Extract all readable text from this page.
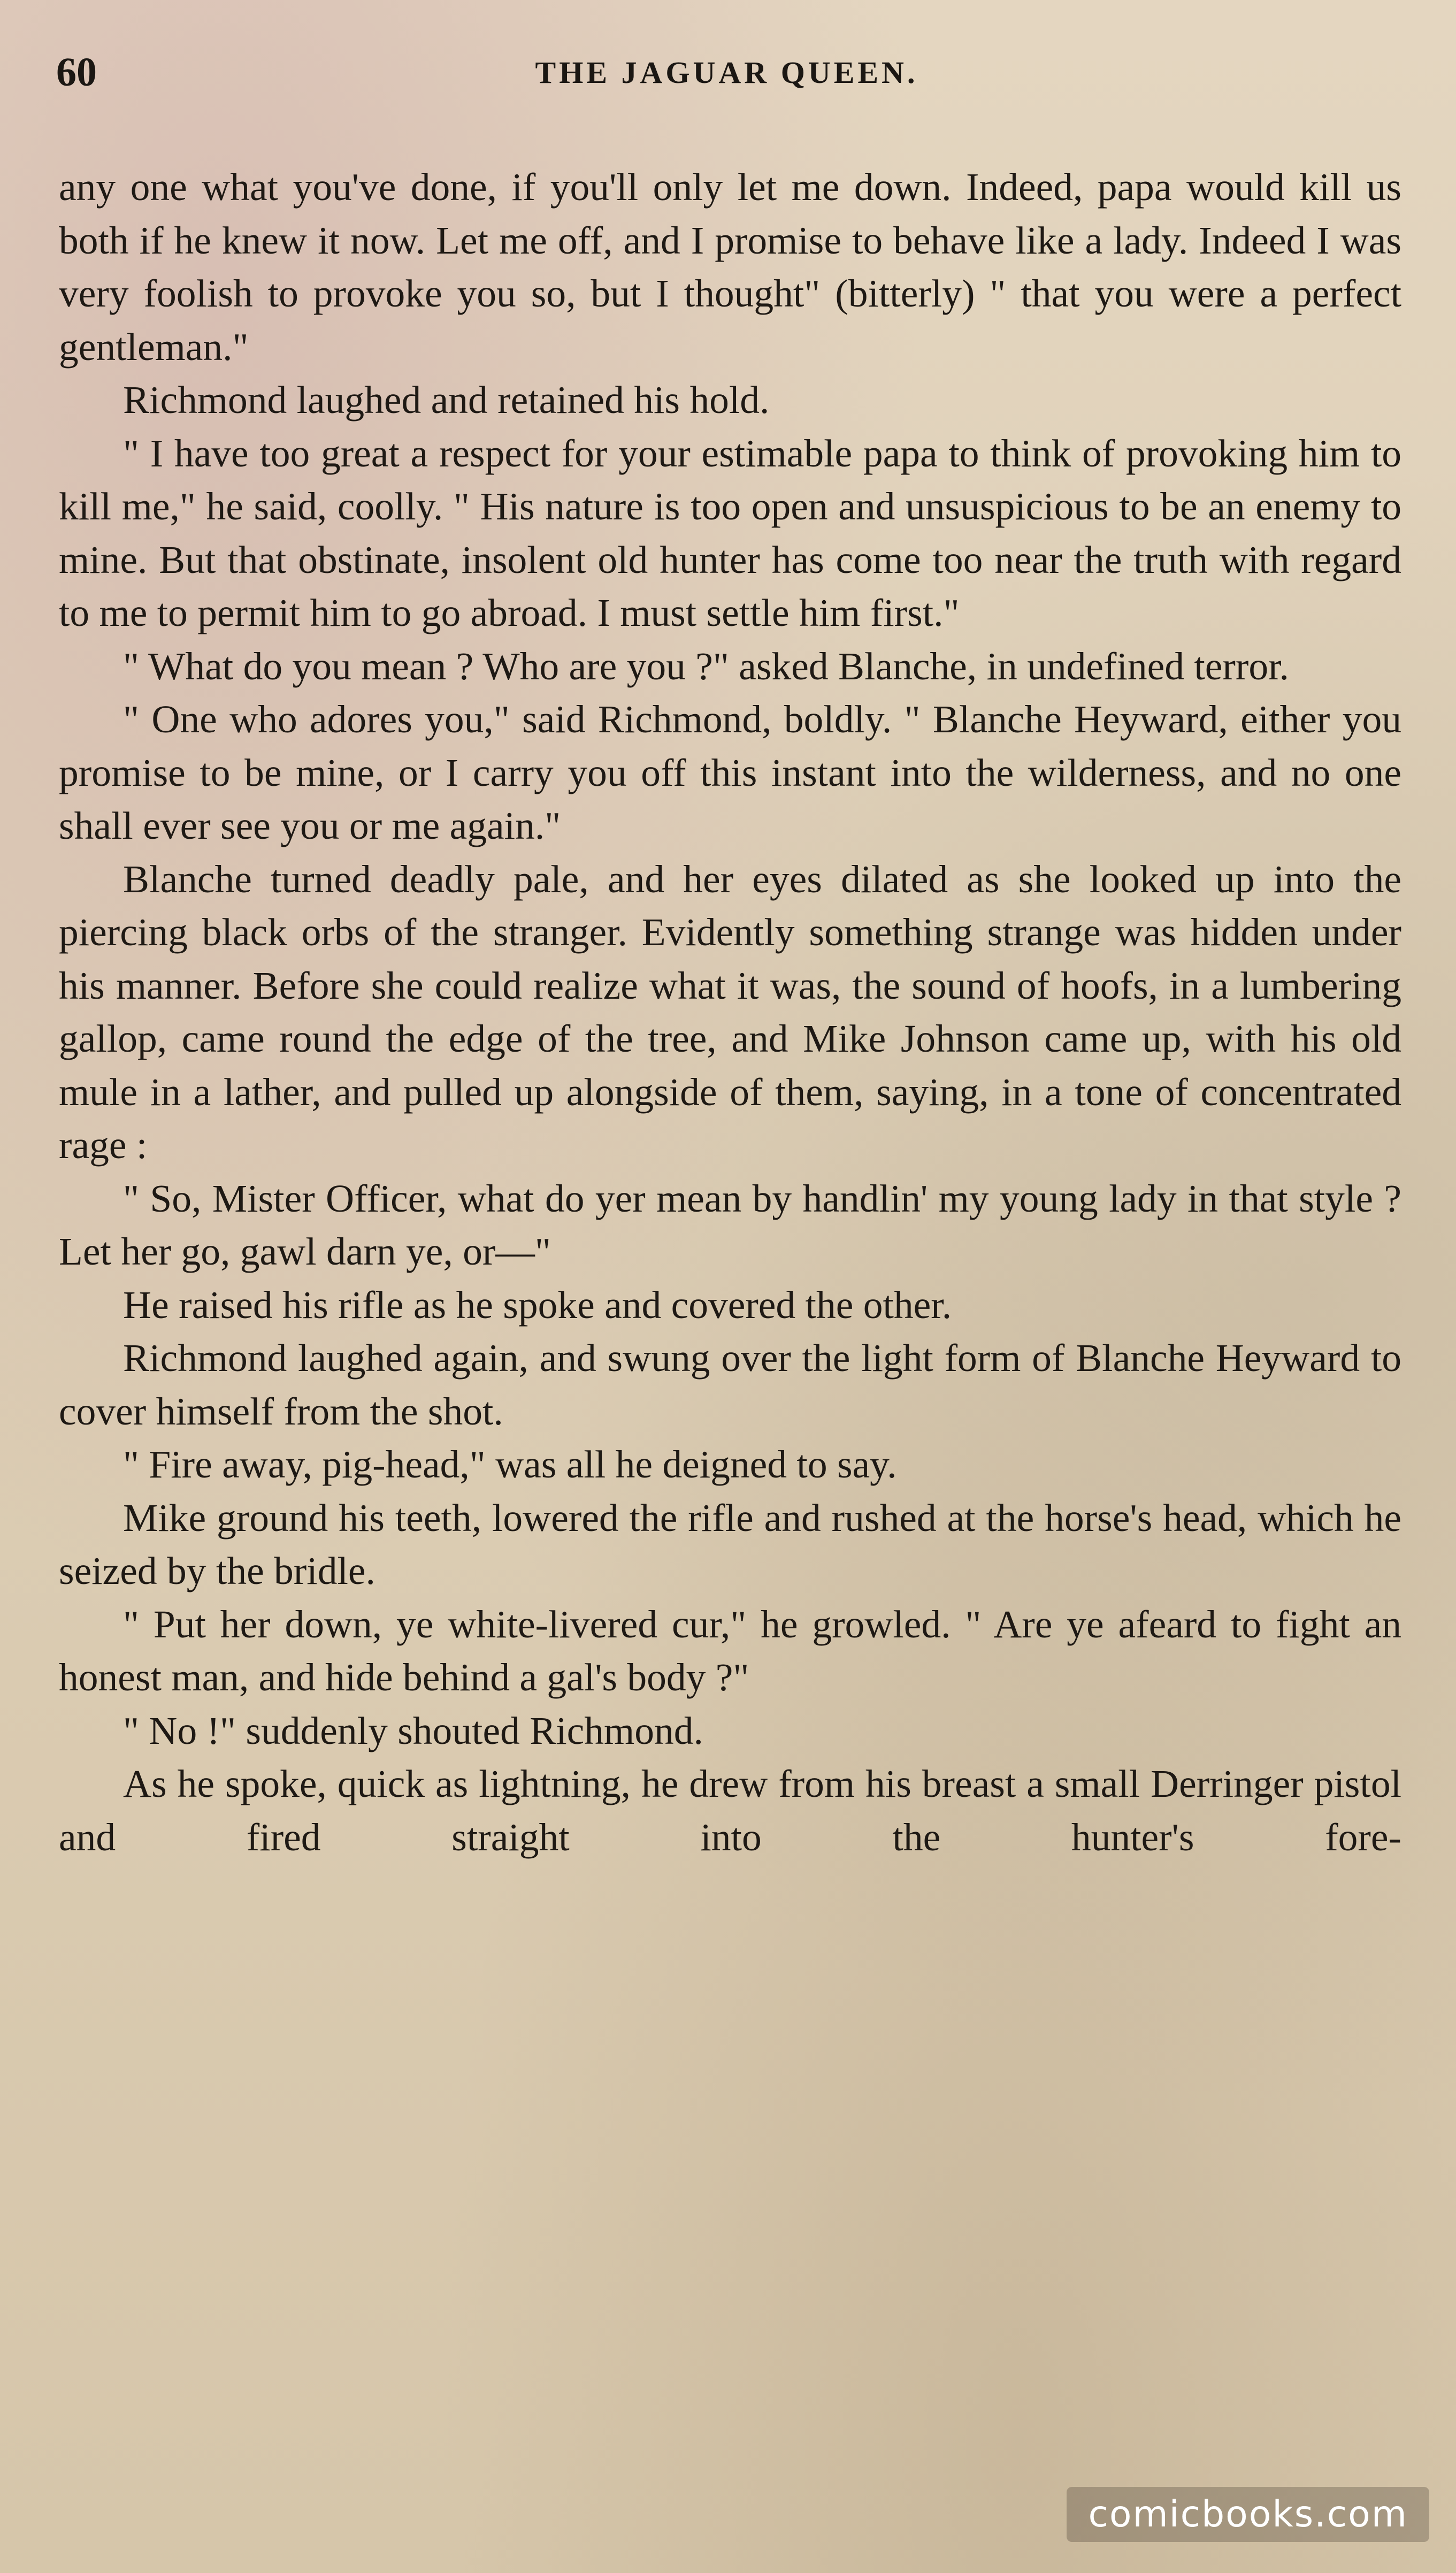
60	THE JAGUAR QUEEN.

any one what you've done, if you'll only let me down. Indeed, papa would kill us both if he knew it now. Let me off, and I promise to behave like a lady. Indeed I was very foolish to provoke you so, but I thought" (bitterly) " that you were a perfect gentleman."

Richmond laughed and retained his hold.

" I have too great a respect for your estimable papa to think of provoking him to kill me," he said, coolly. " His nature is too open and unsuspicious to be an enemy to mine. But that obstinate, insolent old hunter has come too near the truth with regard to me to permit him to go abroad. I must settle him first."

" What do you mean ? Who are you ?" asked Blanche, in undefined terror.

" One who adores you," said Richmond, boldly. " Blanche Heyward, either you promise to be mine, or I carry you off this instant into the wilderness, and no one shall ever see you or me again."

Blanche turned deadly pale, and her eyes dilated as she looked up into the piercing black orbs of the stranger. Evidently something strange was hidden under his manner. Before she could realize what it was, the sound of hoofs, in a lumbering gallop, came round the edge of the tree, and Mike Johnson came up, with his old mule in a lather, and pulled up alongside of them, saying, in a tone of concentrated rage :

" So, Mister Officer, what do yer mean by handlin' my young lady in that style ? Let her go, gawl darn ye, or—"

He raised his rifle as he spoke and covered the other.

Richmond laughed again, and swung over the light form of Blanche Heyward to cover himself from the shot.

" Fire away, pig-head," was all he deigned to say.

Mike ground his teeth, lowered the rifle and rushed at the horse's head, which he seized by the bridle.

" Put her down, ye white-livered cur," he growled. " Are ye afeard to fight an honest man, and hide behind a gal's body ?"

" No !" suddenly shouted Richmond.

As he spoke, quick as lightning, he drew from his breast a small Derringer pistol and fired straight into the hunter's fore-

comicbooks.com
